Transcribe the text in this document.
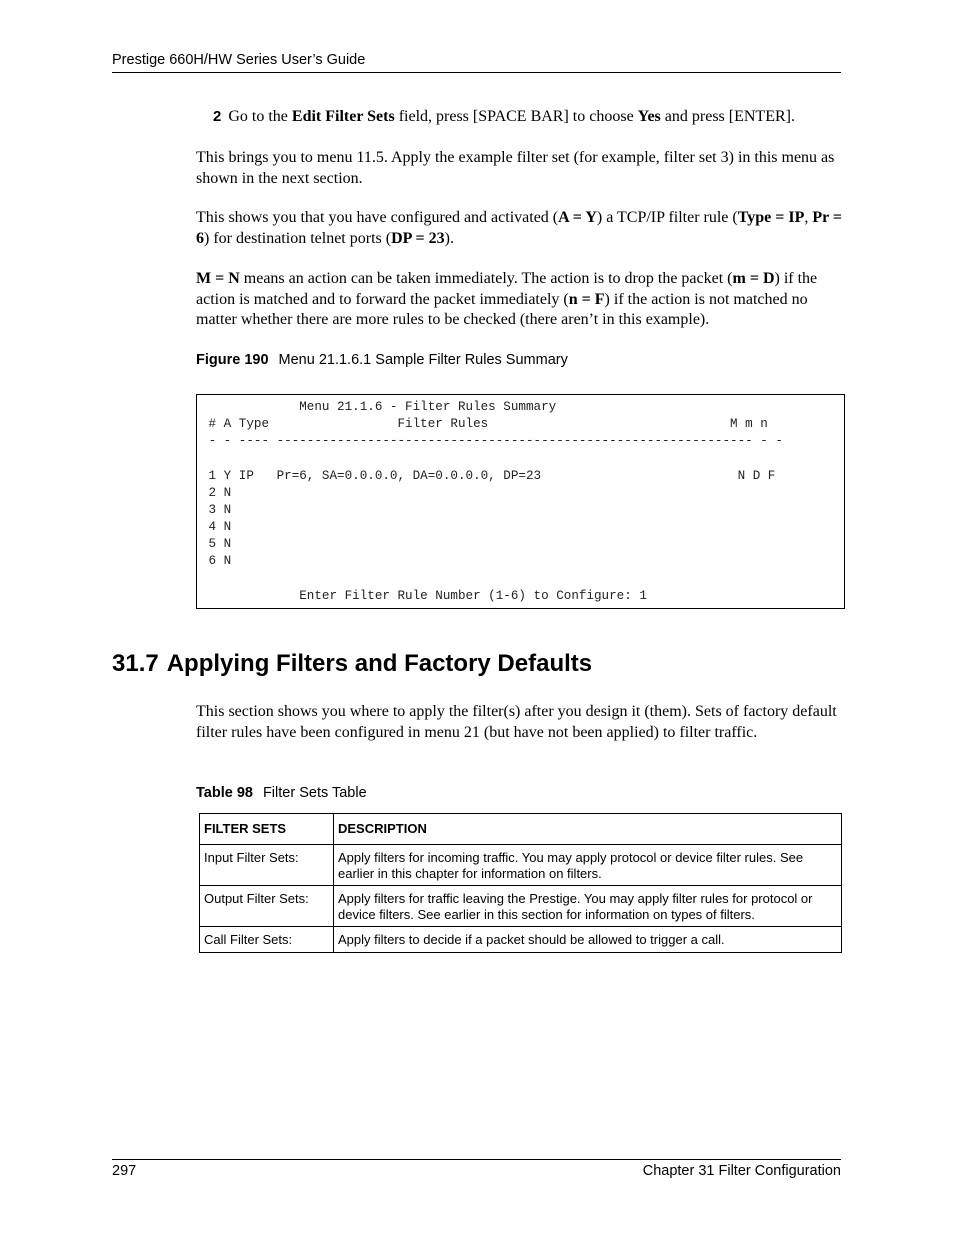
Prestige 660H/HW Series User’s Guide
2 Go to the Edit Filter Sets field, press [SPACE BAR] to choose Yes and press [ENTER].
This brings you to menu 11.5. Apply the example filter set (for example, filter set 3) in this menu as shown in the next section.
This shows you that you have configured and activated (A = Y) a TCP/IP filter rule (Type = IP, Pr = 6) for destination telnet ports (DP = 23).
M = N means an action can be taken immediately. The action is to drop the packet (m = D) if the action is matched and to forward the packet immediately (n = F) if the action is not matched no matter whether there are more rules to be checked (there aren’t in this example).
Figure 190 Menu 21.1.6.1 Sample Filter Rules Summary
Menu 21.1.6 - Filter Rules Summary
# A Type                 Filter Rules                                M m n
- - ---- --------------------------------------------------------------- - -
1 Y IP   Pr=6, SA=0.0.0.0, DA=0.0.0.0, DP=23                          N D F
2 N
3 N
4 N
5 N
6 N
Enter Filter Rule Number (1-6) to Configure: 1
31.7 Applying Filters and Factory Defaults
This section shows you where to apply the filter(s) after you design it (them). Sets of factory default filter rules have been configured in menu 21 (but have not been applied) to filter traffic.
Table 98 Filter Sets Table
FILTER SETS	DESCRIPTION
Input Filter Sets:	Apply filters for incoming traffic. You may apply protocol or device filter rules. See earlier in this chapter for information on filters.
Output Filter Sets:	Apply filters for traffic leaving the Prestige. You may apply filter rules for protocol or device filters. See earlier in this section for information on types of filters.
Call Filter Sets:	Apply filters to decide if a packet should be allowed to trigger a call.
297	Chapter 31 Filter Configuration
